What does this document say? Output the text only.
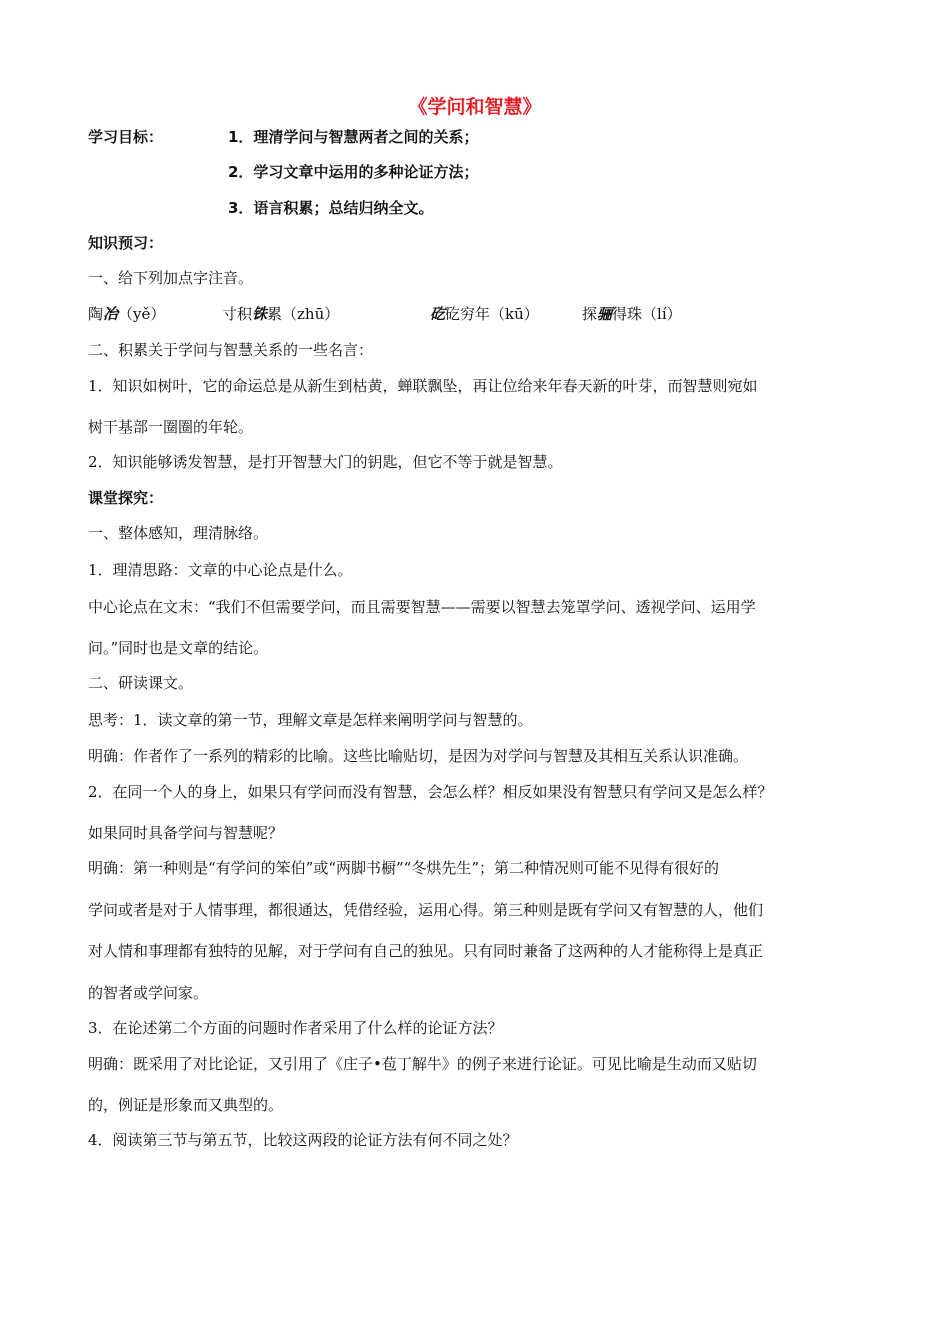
《学问和智慧》
学习目标：	1．理清学问与智慧两者之间的关系；
2．学习文章中运用的多种论证方法；
3．语言积累；总结归纳全文。
知识预习：
一、给下列加点字注音。
陶冶（yě）	寸积铢累（zhū）	矻矻穷年（kū）	探骊得珠（lí）
二、积累关于学问与智慧关系的一些名言：
1．知识如树叶，它的命运总是从新生到枯黄，蝉联飘坠，再让位给来年春天新的叶芽，而智慧则宛如
树干基部一圈圈的年轮。
2．知识能够诱发智慧，是打开智慧大门的钥匙，但它不等于就是智慧。
课堂探究：
一、整体感知，理清脉络。
1．理清思路：文章的中心论点是什么。
中心论点在文末：“我们不但需要学问，而且需要智慧——需要以智慧去笼罩学问、透视学问、运用学
问。”同时也是文章的结论。
二、研读课文。
思考：1．读文章的第一节，理解文章是怎样来阐明学问与智慧的。
明确：作者作了一系列的精彩的比喻。这些比喻贴切，是因为对学问与智慧及其相互关系认识准确。
2．在同一个人的身上，如果只有学问而没有智慧，会怎么样？相反如果没有智慧只有学问又是怎么样？
如果同时具备学问与智慧呢？
明确：第一种则是“有学问的笨伯”或“两脚书橱”“冬烘先生”；第二种情况则可能不见得有很好的
学问或者是对于人情事理，都很通达，凭借经验，运用心得。第三种则是既有学问又有智慧的人，他们
对人情和事理都有独特的见解，对于学问有自己的独见。只有同时兼备了这两种的人才能称得上是真正
的智者或学问家。
3．在论述第二个方面的问题时作者采用了什么样的论证方法？
明确：既采用了对比论证，又引用了《庄子•苞丁解牛》的例子来进行论证。可见比喻是生动而又贴切
的，例证是形象而又典型的。
4．阅读第三节与第五节，比较这两段的论证方法有何不同之处？
